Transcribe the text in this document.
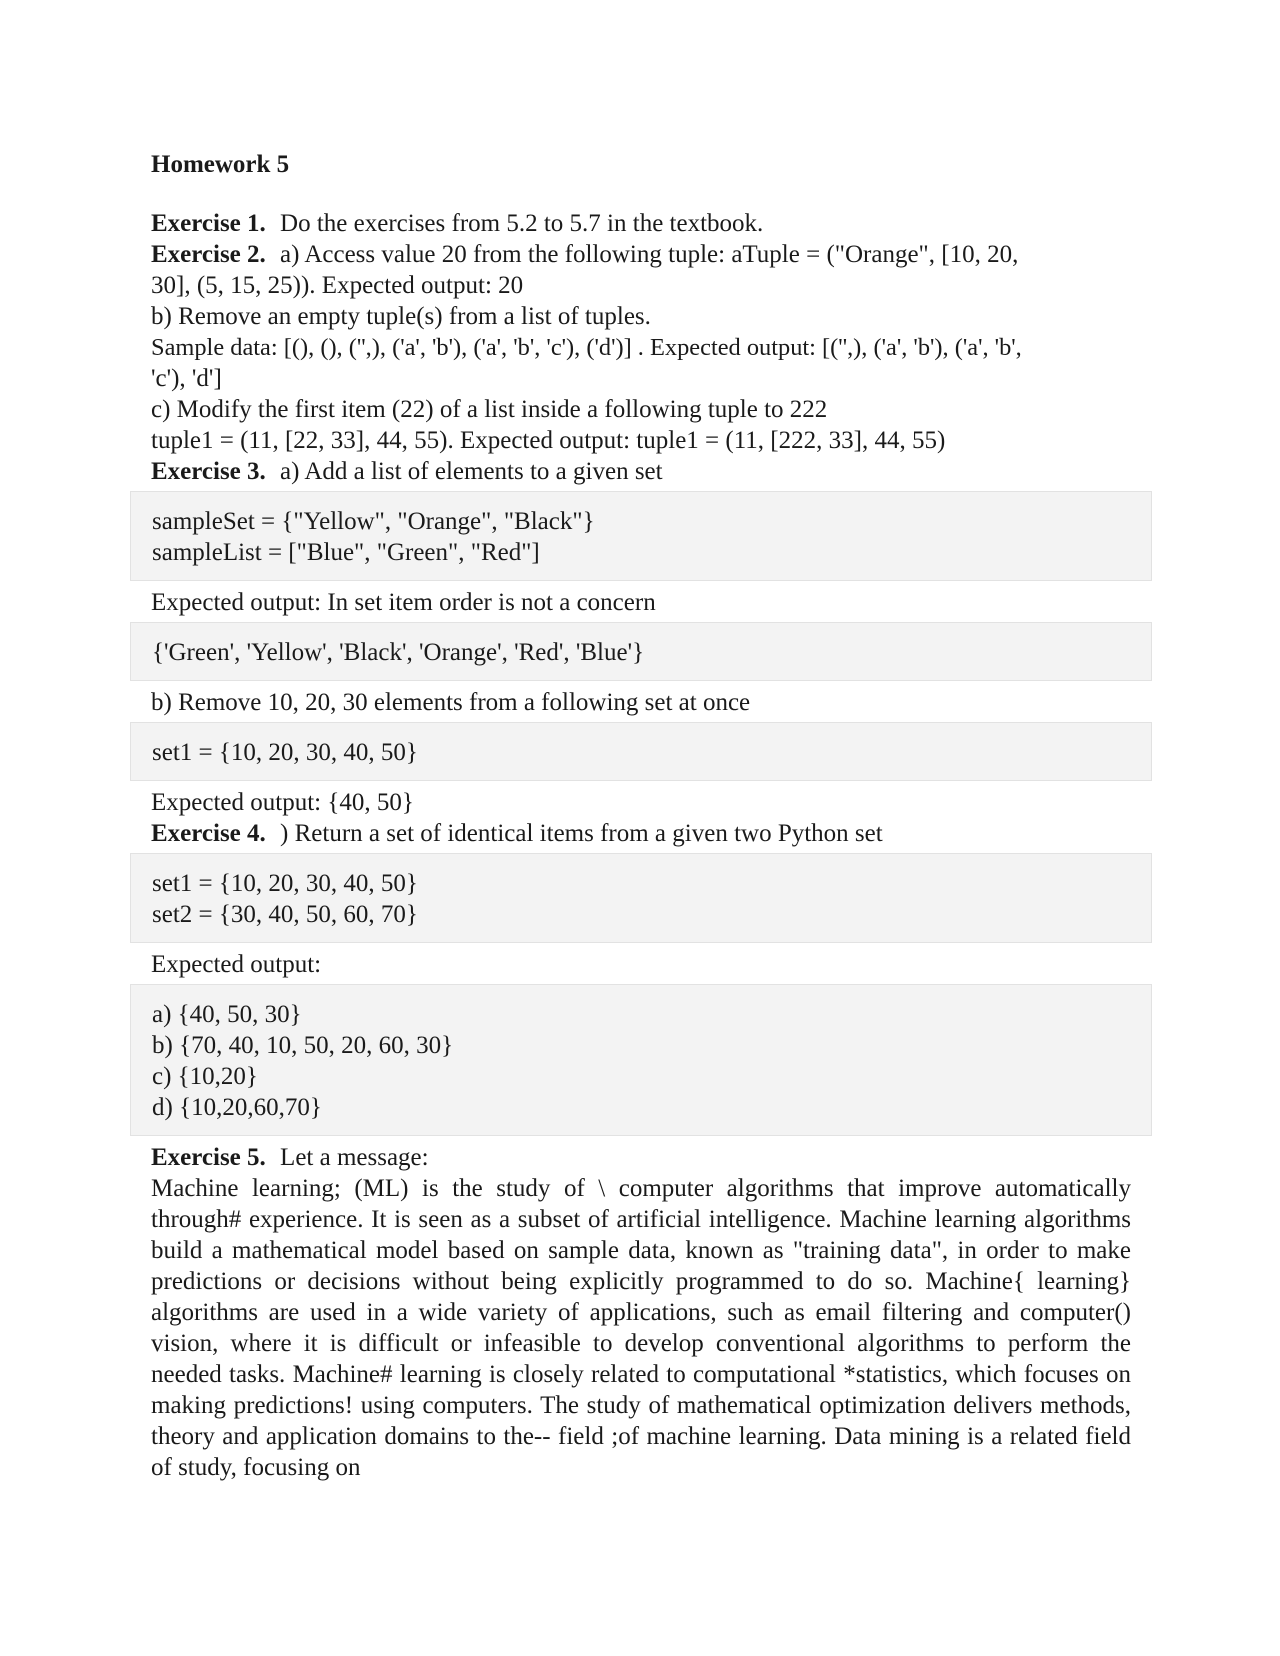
Homework 5

Exercise 1. Do the exercises from 5.2 to 5.7 in the textbook.

Exercise 2. a) Access value 20 from the following tuple: aTuple = ("Orange", [10, 20,

30], (5, 15, 25)). Expected output: 20

b) Remove an empty tuple(s) from a list of tuples.

Sample data: [(), (), ('',), ('a', 'b'), ('a', 'b', 'c'), ('d')] . Expected output: [('',), ('a', 'b'), ('a', 'b',

'c'), 'd']

c) Modify the first item (22) of a list inside a following tuple to 222

tuple1 = (11, [22, 33], 44, 55). Expected output: tuple1 = (11, [222, 33], 44, 55)

Exercise 3. a) Add a list of elements to a given set

sampleSet = {"Yellow", "Orange", "Black"}
sampleList = ["Blue", "Green", "Red"]

Expected output: In set item order is not a concern

{'Green', 'Yellow', 'Black', 'Orange', 'Red', 'Blue'}

b) Remove 10, 20, 30 elements from a following set at once

set1 = {10, 20, 30, 40, 50}

Expected output: {40, 50}

Exercise 4. ) Return a set of identical items from a given two Python set

set1 = {10, 20, 30, 40, 50}
set2 = {30, 40, 50, 60, 70}

Expected output:

a) {40, 50, 30}
b) {70, 40, 10, 50, 20, 60, 30}
c) {10,20}
d) {10,20,60,70}

Exercise 5. Let a message:

Machine learning; (ML) is the study of \ computer algorithms that improve automatically through# experience. It is seen as a subset of artificial intelligence. Machine learning algorithms build a mathematical model based on sample data, known as "training data", in order to make predictions or decisions without being explicitly programmed to do so. Machine{ learning} algorithms are used in a wide variety of applications, such as email filtering and computer() vision, where it is difficult or infeasible to develop conventional algorithms to perform the needed tasks. Machine# learning is closely related to computational *statistics, which focuses on making predictions! using computers. The study of mathematical optimization delivers methods, theory and application domains to the-- field ;of machine learning. Data mining is a related field of study, focusing on
